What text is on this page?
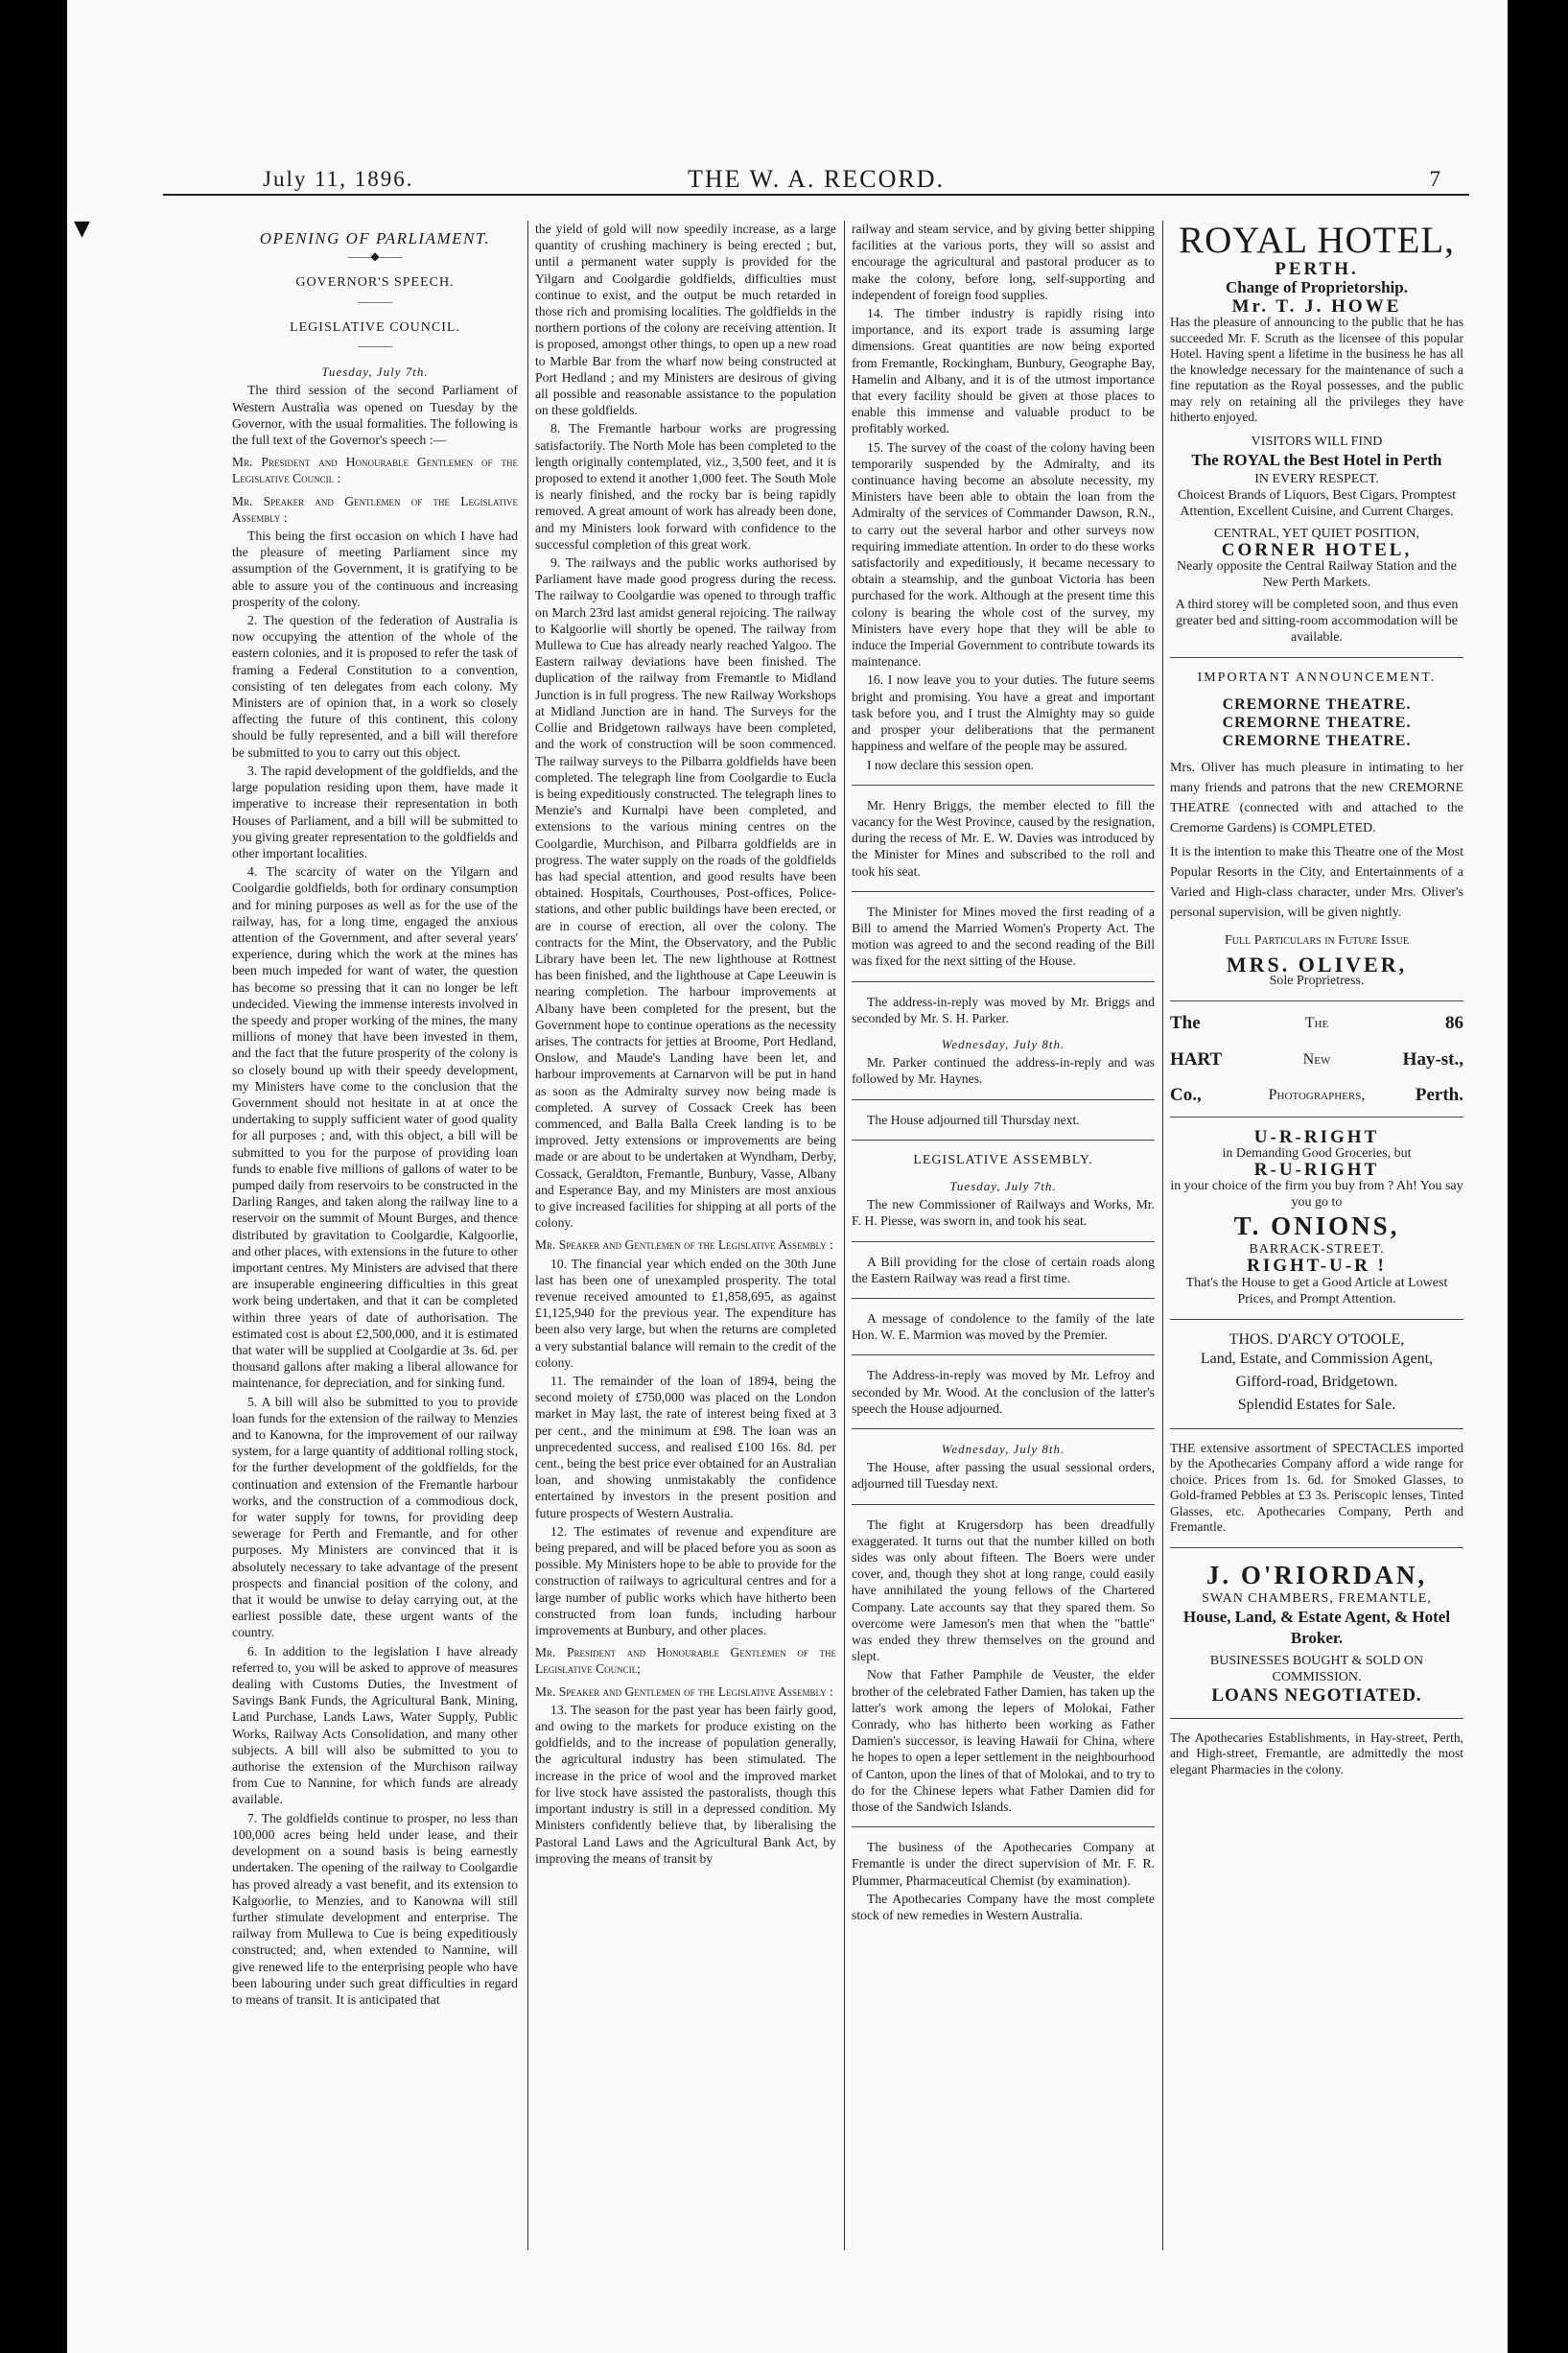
▼
July 11, 1896.	THE W. A. RECORD.	7

OPENING OF PARLIAMENT.

——◆——

GOVERNOR'S SPEECH.

———

LEGISLATIVE COUNCIL.

———

Tuesday, July 7th.

The third session of the second Parliament of Western Australia was opened on Tuesday by the Governor, with the usual formalities. The following is the full text of the Governor's speech :—

Mr. President and Honourable Gentlemen of the Legislative Council :

Mr. Speaker and Gentlemen of the Legislative Assembly :

This being the first occasion on which I have had the pleasure of meeting Parliament since my assumption of the Government, it is gratifying to be able to assure you of the continuous and increasing prosperity of the colony.

2. The question of the federation of Australia is now occupying the attention of the whole of the eastern colonies, and it is proposed to refer the task of framing a Federal Constitution to a convention, consisting of ten delegates from each colony. My Ministers are of opinion that, in a work so closely affecting the future of this continent, this colony should be fully represented, and a bill will therefore be submitted to you to carry out this object.

3. The rapid development of the goldfields, and the large population residing upon them, have made it imperative to increase their representation in both Houses of Parliament, and a bill will be submitted to you giving greater representation to the goldfields and other important localities.

4. The scarcity of water on the Yilgarn and Coolgardie goldfields, both for ordinary consumption and for mining purposes as well as for the use of the railway, has, for a long time, engaged the anxious attention of the Government, and after several years' experience, during which the work at the mines has been much impeded for want of water, the question has become so pressing that it can no longer be left undecided. Viewing the immense interests involved in the speedy and proper working of the mines, the many millions of money that have been invested in them, and the fact that the future prosperity of the colony is so closely bound up with their speedy development, my Ministers have come to the conclusion that the Government should not hesitate in at at once the undertaking to supply sufficient water of good quality for all purposes ; and, with this object, a bill will be submitted to you for the purpose of providing loan funds to enable five millions of gallons of water to be pumped daily from reservoirs to be constructed in the Darling Ranges, and taken along the railway line to a reservoir on the summit of Mount Burges, and thence distributed by gravitation to Coolgardie, Kalgoorlie, and other places, with extensions in the future to other important centres. My Ministers are advised that there are insuperable engineering difficulties in this great work being undertaken, and that it can be completed within three years of date of authorisation. The estimated cost is about £2,500,000, and it is estimated that water will be supplied at Coolgardie at 3s. 6d. per thousand gallons after making a liberal allowance for maintenance, for depreciation, and for sinking fund.

5. A bill will also be submitted to you to provide loan funds for the extension of the railway to Menzies and to Kanowna, for the improvement of our railway system, for a large quantity of additional rolling stock, for the further development of the goldfields, for the continuation and extension of the Fremantle harbour works, and the construction of a commodious dock, for water supply for towns, for providing deep sewerage for Perth and Fremantle, and for other purposes. My Ministers are convinced that it is absolutely necessary to take advantage of the present prospects and financial position of the colony, and that it would be unwise to delay carrying out, at the earliest possible date, these urgent wants of the country.

6. In addition to the legislation I have already referred to, you will be asked to approve of measures dealing with Customs Duties, the Investment of Savings Bank Funds, the Agricultural Bank, Mining, Land Purchase, Lands Laws, Water Supply, Public Works, Railway Acts Consolidation, and many other subjects. A bill will also be submitted to you to authorise the extension of the Murchison railway from Cue to Nannine, for which funds are already available.

7. The goldfields continue to prosper, no less than 100,000 acres being held under lease, and their development on a sound basis is being earnestly undertaken. The opening of the railway to Coolgardie has proved already a vast benefit, and its extension to Kalgoorlie, to Menzies, and to Kanowna will still further stimulate development and enterprise. The railway from Mullewa to Cue is being expeditiously constructed; and, when extended to Nannine, will give renewed life to the enterprising people who have been labouring under such great difficulties in regard to means of transit. It is anticipated that

the yield of gold will now speedily increase, as a large quantity of crushing machinery is being erected ; but, until a permanent water supply is provided for the Yilgarn and Coolgardie goldfields, difficulties must continue to exist, and the output be much retarded in those rich and promising localities. The goldfields in the northern portions of the colony are receiving attention. It is proposed, amongst other things, to open up a new road to Marble Bar from the wharf now being constructed at Port Hedland ; and my Ministers are desirous of giving all possible and reasonable assistance to the population on these goldfields.

8. The Fremantle harbour works are progressing satisfactorily. The North Mole has been completed to the length originally contemplated, viz., 3,500 feet, and it is proposed to extend it another 1,000 feet. The South Mole is nearly finished, and the rocky bar is being rapidly removed. A great amount of work has already been done, and my Ministers look forward with confidence to the successful completion of this great work.

9. The railways and the public works authorised by Parliament have made good progress during the recess. The railway to Coolgardie was opened to through traffic on March 23rd last amidst general rejoicing. The railway to Kalgoorlie will shortly be opened. The railway from Mullewa to Cue has already nearly reached Yalgoo. The Eastern railway deviations have been finished. The duplication of the railway from Fremantle to Midland Junction is in full progress. The new Railway Workshops at Midland Junction are in hand. The Surveys for the Collie and Bridgetown railways have been completed, and the work of construction will be soon commenced. The railway surveys to the Pilbarra goldfields have been completed. The telegraph line from Coolgardie to Eucla is being expeditiously constructed. The telegraph lines to Menzie's and Kurnalpi have been completed, and extensions to the various mining centres on the Coolgardie, Murchison, and Pilbarra goldfields are in progress. The water supply on the roads of the goldfields has had special attention, and good results have been obtained. Hospitals, Courthouses, Post-offices, Police-stations, and other public buildings have been erected, or are in course of erection, all over the colony. The contracts for the Mint, the Observatory, and the Public Library have been let. The new lighthouse at Rottnest has been finished, and the lighthouse at Cape Leeuwin is nearing completion. The harbour improvements at Albany have been completed for the present, but the Government hope to continue operations as the necessity arises. The contracts for jetties at Broome, Port Hedland, Onslow, and Maude's Landing have been let, and harbour improvements at Carnarvon will be put in hand as soon as the Admiralty survey now being made is completed. A survey of Cossack Creek has been commenced, and Balla Balla Creek landing is to be improved. Jetty extensions or improvements are being made or are about to be undertaken at Wyndham, Derby, Cossack, Geraldton, Fremantle, Bunbury, Vasse, Albany and Esperance Bay, and my Ministers are most anxious to give increased facilities for shipping at all ports of the colony.

Mr. Speaker and Gentlemen of the Legislative Assembly :

10. The financial year which ended on the 30th June last has been one of unexampled prosperity. The total revenue received amounted to £1,858,695, as against £1,125,940 for the previous year. The expenditure has been also very large, but when the returns are completed a very substantial balance will remain to the credit of the colony.

11. The remainder of the loan of 1894, being the second moiety of £750,000 was placed on the London market in May last, the rate of interest being fixed at 3 per cent., and the minimum at £98. The loan was an unprecedented success, and realised £100 16s. 8d. per cent., being the best price ever obtained for an Australian loan, and showing unmistakably the confidence entertained by investors in the present position and future prospects of Western Australia.

12. The estimates of revenue and expenditure are being prepared, and will be placed before you as soon as possible. My Ministers hope to be able to provide for the construction of railways to agricultural centres and for a large number of public works which have hitherto been constructed from loan funds, including harbour improvements at Bunbury, and other places.

Mr. President and Honourable Gentlemen of the Legislative Council;

Mr. Speaker and Gentlemen of the Legislative Assembly :

13. The season for the past year has been fairly good, and owing to the markets for produce existing on the goldfields, and to the increase of population generally, the agricultural industry has been stimulated. The increase in the price of wool and the improved market for live stock have assisted the pastoralists, though this important industry is still in a depressed condition. My Ministers confidently believe that, by liberalising the Pastoral Land Laws and the Agricultural Bank Act, by improving the means of transit by

railway and steam service, and by giving better shipping facilities at the various ports, they will so assist and encourage the agricultural and pastoral producer as to make the colony, before long, self-supporting and independent of foreign food supplies.

14. The timber industry is rapidly rising into importance, and its export trade is assuming large dimensions. Great quantities are now being exported from Fremantle, Rockingham, Bunbury, Geographe Bay, Hamelin and Albany, and it is of the utmost importance that every facility should be given at those places to enable this immense and valuable product to be profitably worked.

15. The survey of the coast of the colony having been temporarily suspended by the Admiralty, and its continuance having become an absolute necessity, my Ministers have been able to obtain the loan from the Admiralty of the services of Commander Dawson, R.N., to carry out the several harbor and other surveys now requiring immediate attention. In order to do these works satisfactorily and expeditiously, it became necessary to obtain a steamship, and the gunboat Victoria has been purchased for the work. Although at the present time this colony is bearing the whole cost of the survey, my Ministers have every hope that they will be able to induce the Imperial Government to contribute towards its maintenance.

16. I now leave you to your duties. The future seems bright and promising. You have a great and important task before you, and I trust the Almighty may so guide and prosper your deliberations that the permanent happiness and welfare of the people may be assured.

I now declare this session open.

Mr. Henry Briggs, the member elected to fill the vacancy for the West Province, caused by the resignation, during the recess of Mr. E. W. Davies was introduced by the Minister for Mines and subscribed to the roll and took his seat.

The Minister for Mines moved the first reading of a Bill to amend the Married Women's Property Act. The motion was agreed to and the second reading of the Bill was fixed for the next sitting of the House.

The address-in-reply was moved by Mr. Briggs and seconded by Mr. S. H. Parker.

Wednesday, July 8th.

Mr. Parker continued the address-in-reply and was followed by Mr. Haynes.

The House adjourned till Thursday next.

LEGISLATIVE ASSEMBLY.

Tuesday, July 7th.

The new Commissioner of Railways and Works, Mr. F. H. Piesse, was sworn in, and took his seat.

A Bill providing for the close of certain roads along the Eastern Railway was read a first time.

A message of condolence to the family of the late Hon. W. E. Marmion was moved by the Premier.

The Address-in-reply was moved by Mr. Lefroy and seconded by Mr. Wood. At the conclusion of the latter's speech the House adjourned.

Wednesday, July 8th.

The House, after passing the usual sessional orders, adjourned till Tuesday next.

The fight at Krugersdorp has been dreadfully exaggerated. It turns out that the number killed on both sides was only about fifteen. The Boers were under cover, and, though they shot at long range, could easily have annihilated the young fellows of the Chartered Company. Late accounts say that they spared them. So overcome were Jameson's men that when the "battle" was ended they threw themselves on the ground and slept.

Now that Father Pamphile de Veuster, the elder brother of the celebrated Father Damien, has taken up the latter's work among the lepers of Molokai, Father Conrady, who has hitherto been working as Father Damien's successor, is leaving Hawaii for China, where he hopes to open a leper settlement in the neighbourhood of Canton, upon the lines of that of Molokai, and to try to do for the Chinese lepers what Father Damien did for those of the Sandwich Islands.

The business of the Apothecaries Company at Fremantle is under the direct supervision of Mr. F. R. Plummer, Pharmaceutical Chemist (by examination).

The Apothecaries Company have the most complete stock of new remedies in Western Australia.

ROYAL HOTEL,
PERTH.
Change of Proprietorship.
Mr. T. J. HOWE
Has the pleasure of announcing to the public that he has succeeded Mr. F. Scruth as the licensee of this popular Hotel. Having spent a lifetime in the business he has all the knowledge necessary for the maintenance of such a fine reputation as the Royal possesses, and the public may rely on retaining all the privileges they have hitherto enjoyed.
VISITORS WILL FIND
The ROYAL the Best Hotel in Perth
IN EVERY RESPECT.
Choicest Brands of Liquors, Best Cigars, Promptest Attention, Excellent Cuisine, and Current Charges.
CENTRAL, YET QUIET POSITION,
CORNER HOTEL,
Nearly opposite the Central Railway Station and the New Perth Markets.
A third storey will be completed soon, and thus even greater bed and sitting-room accommodation will be available.
IMPORTANT ANNOUNCEMENT.
CREMORNE THEATRE.
CREMORNE THEATRE.
CREMORNE THEATRE.
Mrs. Oliver has much pleasure in intimating to her many friends and patrons that the new CREMORNE THEATRE (connected with and attached to the Cremorne Gardens) is COMPLETED.
It is the intention to make this Theatre one of the Most Popular Resorts in the City, and Entertainments of a Varied and High-class character, under Mrs. Oliver's personal supervision, will be given nightly.
Full Particulars in Future Issue
MRS. OLIVER,
Sole Proprietress.
The	The	86
HART	New	Hay-st.,
Co.,	Photographers,	Perth.
U-R-RIGHT
in Demanding Good Groceries, but
R-U-RIGHT
in your choice of the firm you buy from ? Ah! You say you go to
T. ONIONS,
BARRACK-STREET.
RIGHT-U-R !
That's the House to get a Good Article at Lowest Prices, and Prompt Attention.
THOS. D'ARCY O'TOOLE,
Land, Estate, and Commission Agent,
Gifford-road, Bridgetown.
Splendid Estates for Sale.
THE extensive assortment of SPECTACLES imported by the Apothecaries Company afford a wide range for choice. Prices from 1s. 6d. for Smoked Glasses, to Gold-framed Pebbles at £3 3s. Periscopic lenses, Tinted Glasses, etc. Apothecaries Company, Perth and Fremantle.
J. O'RIORDAN,
SWAN CHAMBERS, FREMANTLE,
House, Land, & Estate Agent, & Hotel Broker.
BUSINESSES BOUGHT & SOLD ON COMMISSION.
LOANS NEGOTIATED.
The Apothecaries Establishments, in Hay-street, Perth, and High-street, Fremantle, are admittedly the most elegant Pharmacies in the colony.
